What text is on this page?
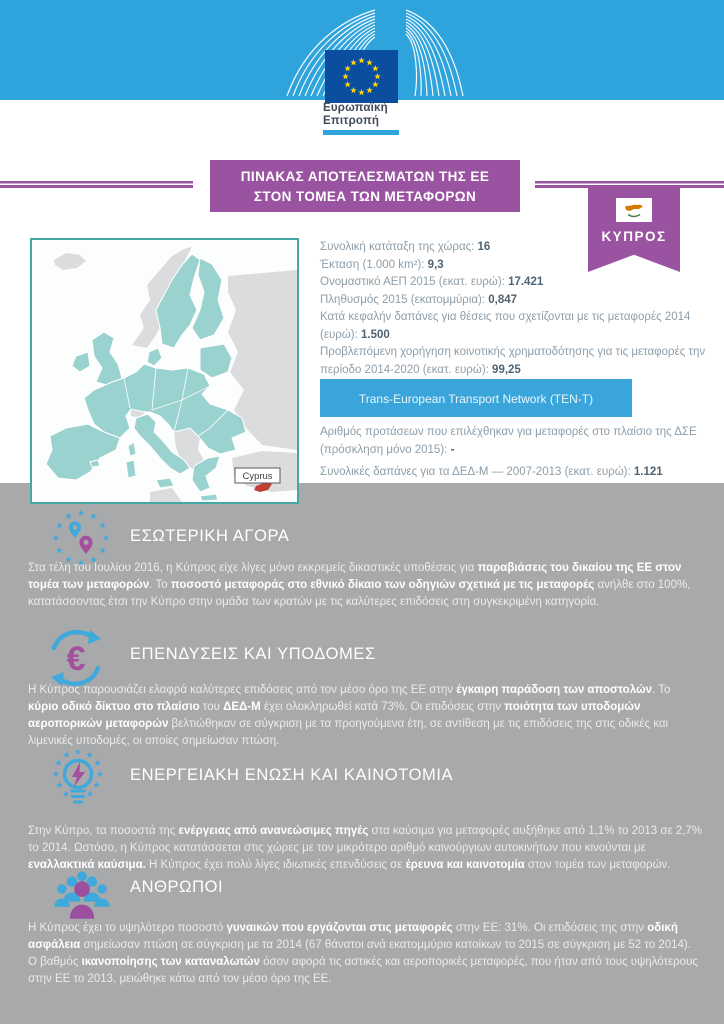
Ευρωπαϊκή
Επιτροπή
ΠΙΝΑΚΑΣ ΑΠΟΤΕΛΕΣΜΑΤΩΝ ΤΗΣ ΕΕ
ΣΤΟΝ ΤΟΜΕΑ ΤΩΝ ΜΕΤΑΦΟΡΩΝ
ΚΥΠΡΟΣ
Cyprus
Συνολική κατάταξη της χώρας: 16
Έκταση (1.000 km²): 9,3
Ονομαστικό ΑΕΠ 2015 (εκατ. ευρώ): 17.421
Πληθυσμός 2015 (εκατομμύρια): 0,847
Κατά κεφαλήν δαπάνες για θέσεις που σχετίζονται με τις μεταφορές 2014 (ευρώ): 1.500
Προβλεπόμενη χορήγηση κοινοτικής χρηματοδότησης για τις μεταφορές την περίοδο 2014-2020 (εκατ. ευρώ): 99,25
Trans-European Transport Network (TEN-T)
Αριθμός προτάσεων που επιλέχθηκαν για μεταφορές στο πλαίσιο της ΔΣΕ (πρόσκληση μόνο 2015): -
Συνολικές δαπάνες για τα ΔΕΔ-Μ — 2007-2013 (εκατ. ευρώ): 1.121
ΕΣΩΤΕΡΙΚΗ ΑΓΟΡΑ
Στα τέλη του Ιουλίου 2016, η Κύπρος είχε λίγες μόνο εκκρεμείς δικαστικές υποθέσεις για παραβιάσεις του δικαίου της ΕΕ στον τομέα των μεταφορών. Το ποσοστό μεταφοράς στο εθνικό δίκαιο των οδηγιών σχετικά με τις μεταφορές ανήλθε στο 100%, κατατάσσοντας έτσι την Κύπρο στην ομάδα των κρατών με τις καλύτερες επιδόσεις στη συγκεκριμένη κατηγορία.
€	ΕΠΕΝΔΥΣΕΙΣ ΚΑΙ ΥΠΟΔΟΜΕΣ
Η Κύπρος παρουσιάζει ελαφρά καλύτερες επιδόσεις από τον μέσο όρο της ΕΕ στην έγκαιρη παράδοση των αποστολών. Το κύριο οδικό δίκτυο στο πλαίσιο του ΔΕΔ-Μ έχει ολοκληρωθεί κατά 73%. Οι επιδόσεις στην ποιότητα των υποδομών αεροπορικών μεταφορών βελτιώθηκαν σε σύγκριση με τα προηγούμενα έτη, σε αντίθεση με τις επιδόσεις της στις οδικές και λιμενικές υποδομές, οι οποίες σημείωσαν πτώση.
ΕΝΕΡΓΕΙΑΚΗ ΕΝΩΣΗ ΚΑΙ ΚΑΙΝΟΤΟΜΙΑ
Στην Κύπρο, τα ποσοστά της ενέργειας από ανανεώσιμες πηγές στα καύσιμα για μεταφορές αυξήθηκε από 1,1% το 2013 σε 2,7% το 2014. Ωστόσο, η Κύπρος κατατάσσεται στις χώρες με τον μικρότερο αριθμό καινούργιων αυτοκινήτων που κινούνται με εναλλακτικά καύσιμα. Η Κύπρος έχει πολύ λίγες ιδιωτικές επενδύσεις σε έρευνα και καινοτομία στον τομέα των μεταφορών.
ΑΝΘΡΩΠΟΙ
Η Κύπρος έχει το υψηλότερο ποσοστό γυναικών που εργάζονται στις μεταφορές στην ΕΕ: 31%. Οι επιδόσεις της στην οδική ασφάλεια σημείωσαν πτώση σε σύγκριση με τα 2014 (67 θάνατοι ανά εκατομμύριο κατοίκων το 2015 σε σύγκριση με 52 το 2014). Ο βαθμός ικανοποίησης των καταναλωτών όσον αφορά τις αστικές και αεροπορικές μεταφορές, που ήταν από τους υψηλότερους στην ΕΕ το 2013, μειώθηκε κάτω από τον μέσο όρο της ΕΕ.
